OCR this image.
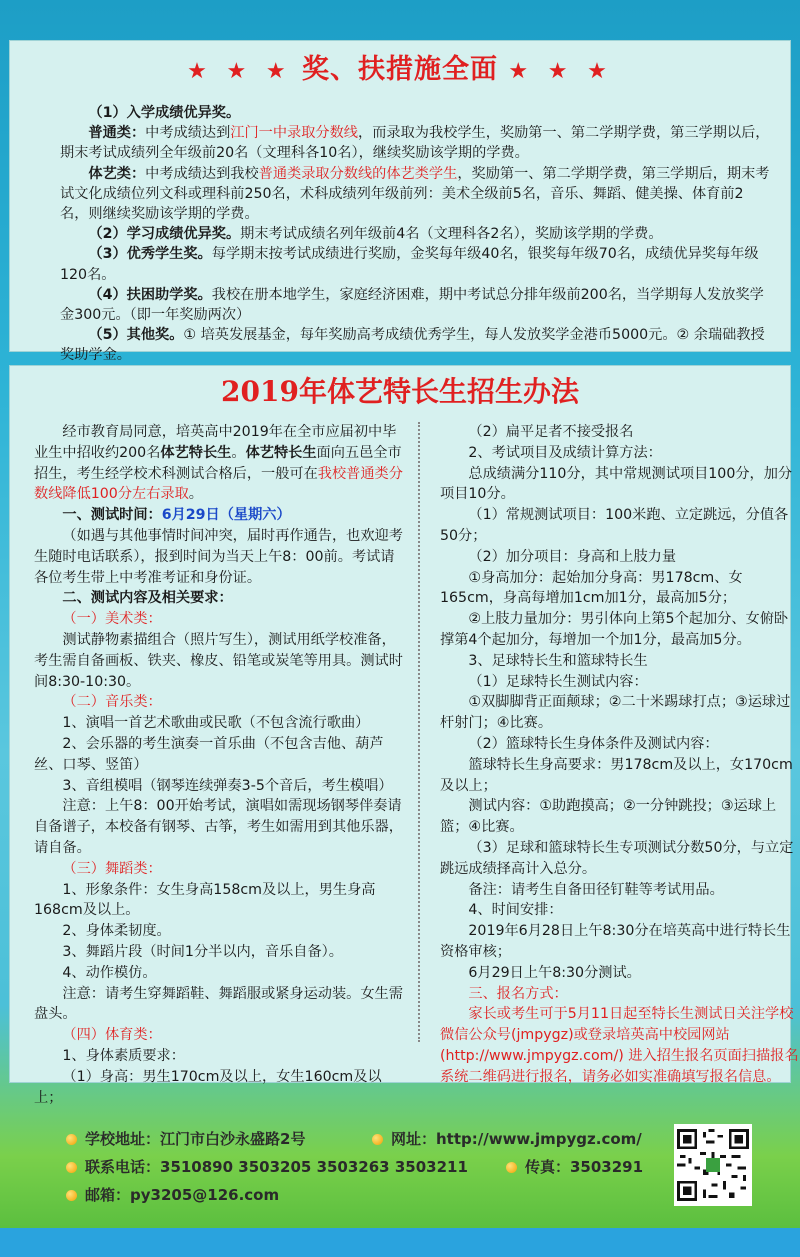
★ ★ ★ 奖、扶措施全面 ★ ★ ★

（1）入学成绩优异奖。

普通类：中考成绩达到江门一中录取分数线，而录取为我校学生，奖励第一、第二学期学费，第三学期以后，期末考试成绩列全年级前20名（文理科各10名），继续奖励该学期的学费。

体艺类：中考成绩达到我校普通类录取分数线的体艺类学生，奖励第一、第二学期学费，第三学期后，期末考试文化成绩位列文科或理科前250名，术科成绩列年级前列：美术全级前5名，音乐、舞蹈、健美操、体育前2名，则继续奖励该学期的学费。

（2）学习成绩优异奖。期末考试成绩名列年级前4名（文理科各2名），奖励该学期的学费。

（3）优秀学生奖。每学期末按考试成绩进行奖励，金奖每年级40名，银奖每年级70名，成绩优异奖每年级120名。

（4）扶困助学奖。我校在册本地学生，家庭经济困难，期中考试总分排年级前200名，当学期每人发放奖学金300元。（即一年奖励两次）

（5）其他奖。① 培英发展基金，每年奖励高考成绩优秀学生，每人发放奖学金港币5000元。② 余瑞础教授奖助学金。

2019年体艺特长生招生办法

经市教育局同意，培英高中2019年在全市应届初中毕业生中招收约200名体艺特长生。体艺特长生面向五邑全市招生，考生经学校术科测试合格后，一般可在我校普通类分数线降低100分左右录取。

一、测试时间：6月29日（星期六）

（如遇与其他事情时间冲突，届时再作通告，也欢迎考生随时电话联系），报到时间为当天上午8：00前。考试请各位考生带上中考准考证和身份证。

二、测试内容及相关要求：

（一）美术类：

测试静物素描组合（照片写生），测试用纸学校准备，考生需自备画板、铁夹、橡皮、铅笔或炭笔等用具。测试时间8:30-10:30。

（二）音乐类：

1、演唱一首艺术歌曲或民歌（不包含流行歌曲）

2、会乐器的考生演奏一首乐曲（不包含吉他、葫芦丝、口琴、竖笛）

3、音组模唱（钢琴连续弹奏3-5个音后，考生模唱）

注意：上午8：00开始考试，演唱如需现场钢琴伴奏请自备谱子，本校备有钢琴、古筝，考生如需用到其他乐器，请自备。

（三）舞蹈类：

1、形象条件：女生身高158cm及以上，男生身高168cm及以上。

2、身体柔韧度。

3、舞蹈片段（时间1分半以内，音乐自备）。

4、动作模仿。

注意：请考生穿舞蹈鞋、舞蹈服或紧身运动装。女生需盘头。

（四）体育类：

1、身体素质要求：

（1）身高：男生170cm及以上，女生160cm及以上；

（2）扁平足者不接受报名

2、考试项目及成绩计算方法：

总成绩满分110分，其中常规测试项目100分，加分项目10分。

（1）常规测试项目：100米跑、立定跳远，分值各50分；

（2）加分项目：身高和上肢力量

①身高加分：起始加分身高：男178cm、女165cm，身高每增加1cm加1分，最高加5分；

②上肢力量加分：男引体向上第5个起加分、女俯卧撑第4个起加分，每增加一个加1分，最高加5分。

3、足球特长生和篮球特长生

（1）足球特长生测试内容：

①双脚脚背正面颠球；②二十米踢球打点；③运球过杆射门；④比赛。

（2）篮球特长生身体条件及测试内容：

篮球特长生身高要求：男178cm及以上，女170cm及以上；

测试内容：①助跑摸高；②一分钟跳投；③运球上篮；④比赛。

（3）足球和篮球特长生专项测试分数50分，与立定跳远成绩择高计入总分。

备注：请考生自备田径钉鞋等考试用品。

4、时间安排：

2019年6月28日上午8:30分在培英高中进行特长生资格审核；

6月29日上午8:30分测试。

三、报名方式：

家长或考生可于5月11日起至特长生测试日关注学校微信公众号(jmpygz)或登录培英高中校园网站(http://www.jmpygz.com/) 进入招生报名页面扫描报名系统二维码进行报名，请务必如实准确填写报名信息。

学校地址：江门市白沙永盛路2号	网址：http://www.jmpygz.com/
联系电话：3510890 3503205 3503263 3503211	传真：3503291
邮箱：py3205@126.com
